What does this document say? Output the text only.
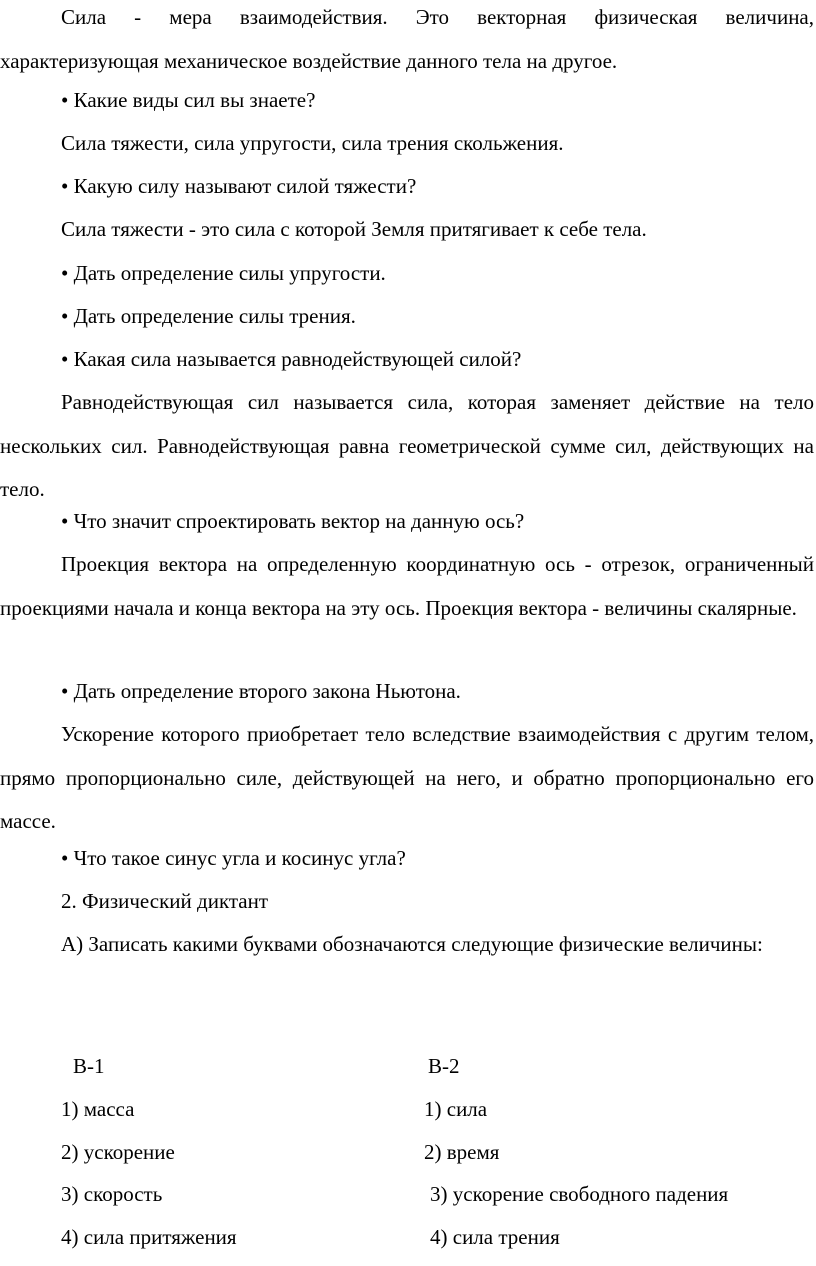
Сила - мера взаимодействия. Это векторная физическая величина, характеризующая механическое воздействие данного тела на другое.

• Какие виды сил вы знаете?

Сила тяжести, сила упругости, сила трения скольжения.

• Какую силу называют силой тяжести?

Сила тяжести - это сила с которой Земля притягивает к себе тела.

• Дать определение силы упругости.

• Дать определение силы трения.

• Какая сила называется равнодействующей силой?

Равнодействующая сил называется сила, которая заменяет действие на тело нескольких сил. Равнодействующая равна геометрической сумме сил, действующих на тело.

• Что значит спроектировать вектор на данную ось?

Проекция вектора на определенную координатную ось - отрезок, ограниченный проекциями начала и конца вектора на эту ось. Проекция вектора - величины скалярные.

• Дать определение второго закона Ньютона.

Ускорение которого приобретает тело вследствие взаимодействия с другим телом, прямо пропорционально силе, действующей на него, и обратно пропорционально его массе.

• Что такое синус угла и косинус угла?

2. Физический диктант

А) Записать какими буквами обозначаются следующие физические величины:

В-1
1) масса
2) ускорение
3) скорость
4) сила притяжения
В-2
1) сила
2) время
3) ускорение свободного падения
4) сила трения
